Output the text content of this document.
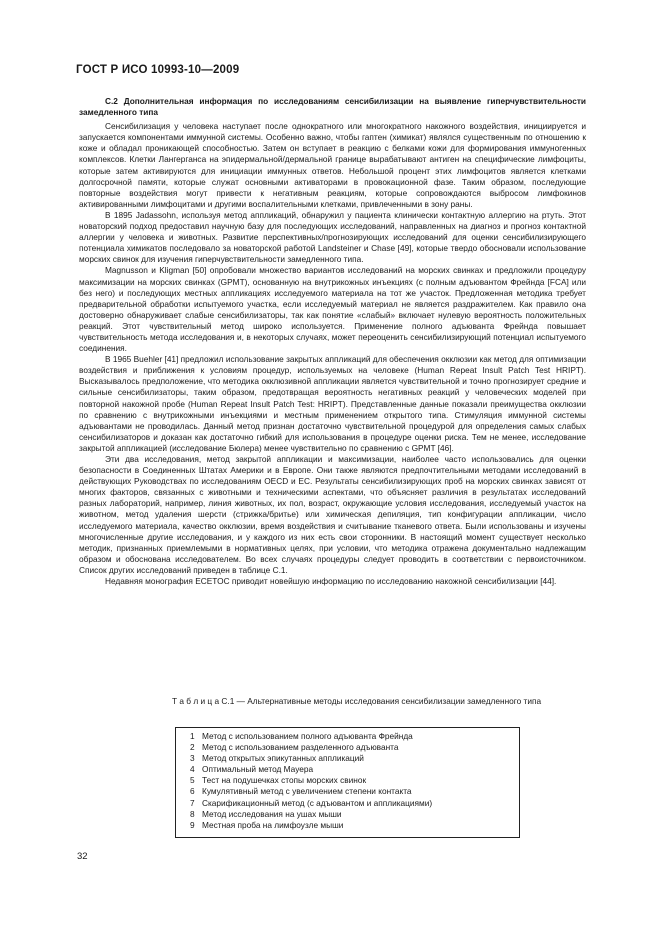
ГОСТ Р ИСО 10993-10—2009

С.2 Дополнительная информация по исследованиям сенсибилизации на выявление гиперчувствительности замедленного типа

Сенсибилизация у человека наступает после однократного или многократного накожного воздействия, инициируется и запускается компонентами иммунной системы. Особенно важно, чтобы гаптен (химикат) являлся существенным по отношению к коже и обладал проникающей способностью. Затем он вступает в реакцию с белками кожи для формирования иммуногенных комплексов. Клетки Лангерганса на эпидермальной/дермальной границе вырабатывают антиген на специфические лимфоциты, которые затем активируются для инициации иммунных ответов. Небольшой процент этих лимфоцитов является клетками долгосрочной памяти, которые служат основными активаторами в провокационной фазе. Таким образом, последующие повторные воздействия могут привести к негативным реакциям, которые сопровождаются выбросом лимфокинов активированными лимфоцитами и другими воспалительными клетками, привлеченными в зону раны.

В 1895 Jadassohn, используя метод аппликаций, обнаружил у пациента клинически контактную аллергию на ртуть. Этот новаторский подход предоставил научную базу для последующих исследований, направленных на диагноз и прогноз контактной аллергии у человека и животных. Развитие перспективных/прогнозирующих исследований для оценки сенсибилизирующего потенциала химикатов последовало за новаторской работой Landsteiner и Chase [49], которые твердо обосновали использование морских свинок для изучения гиперчувствительности замедленного типа.

Magnusson и Kligman [50] опробовали множество вариантов исследований на морских свинках и предложили процедуру максимизации на морских свинках (GPMT), основанную на внутрикожных инъекциях (с полным адъювантом Фрейнда [FCA] или без него) и последующих местных аппликациях исследуемого материала на тот же участок. Предложенная методика требует предварительной обработки испытуемого участка, если исследуемый материал не является раздражителем. Как правило она достоверно обнаруживает слабые сенсибилизаторы, так как понятие «слабый» включает нулевую вероятность положительных реакций. Этот чувствительный метод широко используется. Применение полного адъюванта Фрейнда повышает чувствительность метода исследования и, в некоторых случаях, может переоценить сенсибилизирующий потенциал испытуемого соединения.

В 1965 Buehler [41] предложил использование закрытых аппликаций для обеспечения окклюзии как метод для оптимизации воздействия и приближения к условиям процедур, используемых на человеке (Human Repeat Insult Patch Test HRIPT). Высказывалось предположение, что методика окклюзивной аппликации является чувствительной и точно прогнозирует средние и сильные сенсибилизаторы, таким образом, предотвращая вероятность негативных реакций у человеческих моделей при повторной накожной пробе (Human Repeat Insult Patch Test: HRIPT). Представленные данные показали преимущества окклюзии по сравнению с внутрикожными инъекциями и местным применением открытого типа. Стимуляция иммунной системы адъювантами не проводилась. Данный метод признан достаточно чувствительной процедурой для определения самых слабых сенсибилизаторов и доказан как достаточно гибкий для использования в процедуре оценки риска. Тем не менее, исследование закрытой аппликацией (исследование Бюлера) менее чувствительно по сравнению с GPMT [46].

Эти два исследования, метод закрытой аппликации и максимизации, наиболее часто использовались для оценки безопасности в Соединенных Штатах Америки и в Европе. Они также являются предпочтительными методами исследований в действующих Руководствах по исследованиям OECD и ЕС. Результаты сенсибилизирующих проб на морских свинках зависят от многих факторов, связанных с животными и техническими аспектами, что объясняет различия в результатах исследований разных лабораторий, например, линия животных, их пол, возраст, окружающие условия исследования, исследуемый участок на животном, метод удаления шерсти (стрижка/бритье) или химическая депиляция, тип конфигурации аппликации, число исследуемого материала, качество окклюзии, время воздействия и считывание тканевого ответа. Были использованы и изучены многочисленные другие исследования, и у каждого из них есть свои сторонники. В настоящий момент существует несколько методик, признанных приемлемыми в нормативных целях, при условии, что методика отражена документально надлежащим образом и обоснована исследователем. Во всех случаях процедуры следует проводить в соответствии с первоисточником. Список других исследований приведен в таблице С.1.

Недавняя монография ECETOC приводит новейшую информацию по исследованию накожной сенсибилизации [44].

Т а б л и ц а С.1 — Альтернативные методы исследования сенсибилизации замедленного типа
1 Метод с использованием полного адъюванта Фрейнда
2 Метод с использованием разделенного адъюванта
3 Метод открытых эпикутанных аппликаций
4 Оптимальный метод Мауера
5 Тест на подушечках стопы морских свинок
6 Кумулятивный метод с увеличением степени контакта
7 Скарификационный метод (с адъювантом и аппликациями)
8 Метод исследования на ушах мыши
9 Местная проба на лимфоузле мыши
32
